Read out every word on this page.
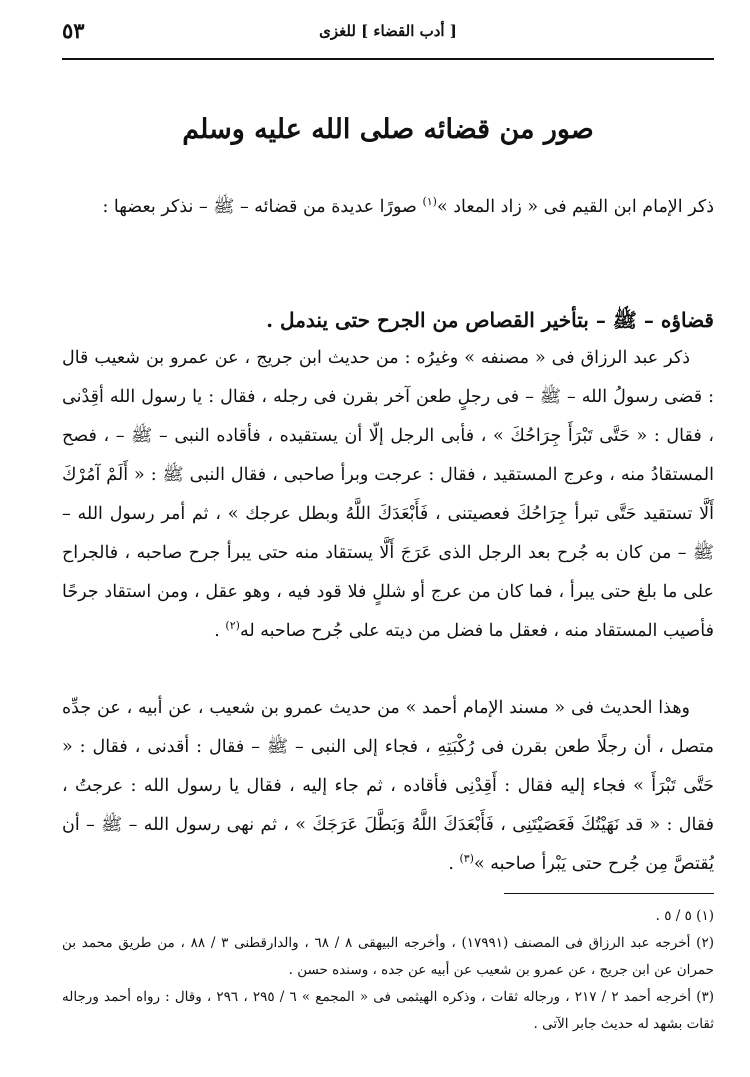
[ أدب القضاء ] للغزى
٥٣
صور من قضائه صلى الله عليه وسلم
ذكر الإمام ابن القيم فى « زاد المعاد »$^{(١)}$ صورًا عديدة من قضائه – ﷺ – نذكر بعضها :
قضاؤه – ﷺ – بتأخير القصاص من الجرح حتى يندمل .
ذكر عبد الرزاق فى « مصنفه » وغيرُه : من حديث ابن جريج ، عن عمرو بن شعيب قال : قضى رسولُ الله – ﷺ – فى رجلٍ طعن آخر بقرن فى رجله ، فقال : يا رسول الله أقِدْنى ، فقال : « حَتَّى تَبْرَأَ جِرَاحُكَ » ، فأبى الرجل إلّا أن يستقيده ، فأقاده النبى – ﷺ – ، فصح المستقادُ منه ، وعرج المستقيد ، فقال : عرجت وبرأ صاحبى ، فقال النبى ﷺ : « أَلَمْ آمُرْكَ أَلَّا تستقيد حَتَّى تبرأ جِرَاحُكَ فعصيتنى ، فَأَبْعَدَكَ اللَّهُ وبطل عرجك » ، ثم أمر رسول الله – ﷺ – من كان به جُرح بعد الرجل الذى عَرَجَ أَلَّا يستقاد منه حتى يبرأ جرح صاحبه ، فالجراح على ما بلغ حتى يبرأ ، فما كان من عرج أو شللٍ فلا قود فيه ، وهو عقل ، ومن استقاد جرحًا فأصيب المستقاد منه ، فعقل ما فضل من ديته على جُرح صاحبه له$^{(٢)}$ .
وهذا الحديث فى « مسند الإمام أحمد » من حديث عمرو بن شعيب ، عن أبيه ، عن جدِّه متصل ، أن رجلًا طعن بقرن فى رُكْبَتِهِ ، فجاء إلى النبى – ﷺ – فقال : أقدنى ، فقال : « حَتَّى تَبْرَأَ » فجاء إليه فقال : أَقِدْنِى فأقاده ، ثم جاء إليه ، فقال يا رسول الله : عرجتُ ، فقال : « قد نَهَيْتُكَ فَعَصَيْتَنِى ، فَأَبْعَدَكَ اللَّهُ وَبَطَّلَ عَرَجَكَ » ، ثم نهى رسول الله – ﷺ – أن يُقتصَّ مِن جُرح حتى يَبْرأ صاحبه »$^{(٣)}$ .
(١) ٥ / ٥ .
(٢) أخرجه عبد الرزاق فى المصنف (١٧٩٩١) ، وأخرجه البيهقى ٨ / ٦٨ ، والدارقطنى ٣ / ٨٨ ، من طريق محمد بن حمران عن ابن جريج ، عن عمرو بن شعيب عن أبيه عن جده ، وسنده حسن .
(٣) أخرجه أحمد ٢ / ٢١٧ ، ورجاله ثقات ، وذكره الهيثمى فى « المجمع » ٦ / ٢٩٥ ، ٢٩٦ ، وقال : رواه أحمد ورجاله ثقات بشهد له حديث جابر الآتى .
